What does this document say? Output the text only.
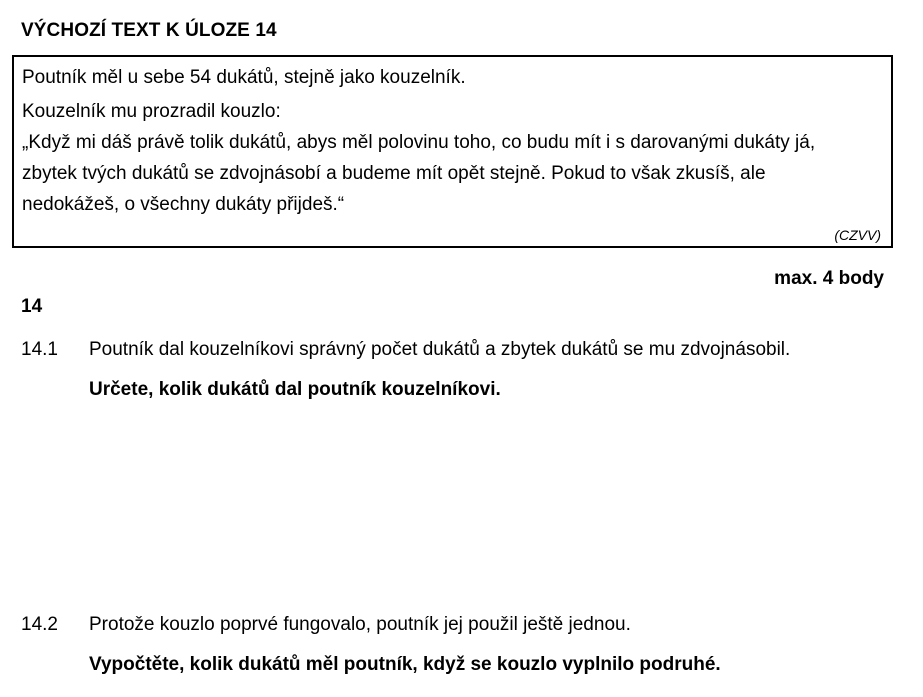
VÝCHOZÍ TEXT K ÚLOZE 14
Poutník měl u sebe 54 dukátů, stejně jako kouzelník.
Kouzelník mu prozradil kouzlo:
„Když mi dáš právě tolik dukátů, abys měl polovinu toho, co budu mít i s darovanými dukáty já,
zbytek tvých dukátů se zdvojnásobí a budeme mít opět stejně. Pokud to však zkusíš, ale
nedokážeš, o všechny dukáty přijdeš.“
(CZVV)
max. 4 body
14
14.1 Poutník dal kouzelníkovi správný počet dukátů a zbytek dukátů se mu zdvojnásobil.
Určete, kolik dukátů dal poutník kouzelníkovi.
14.2 Protože kouzlo poprvé fungovalo, poutník jej použil ještě jednou.
Vypočtěte, kolik dukátů měl poutník, když se kouzlo vyplnilo podruhé.
